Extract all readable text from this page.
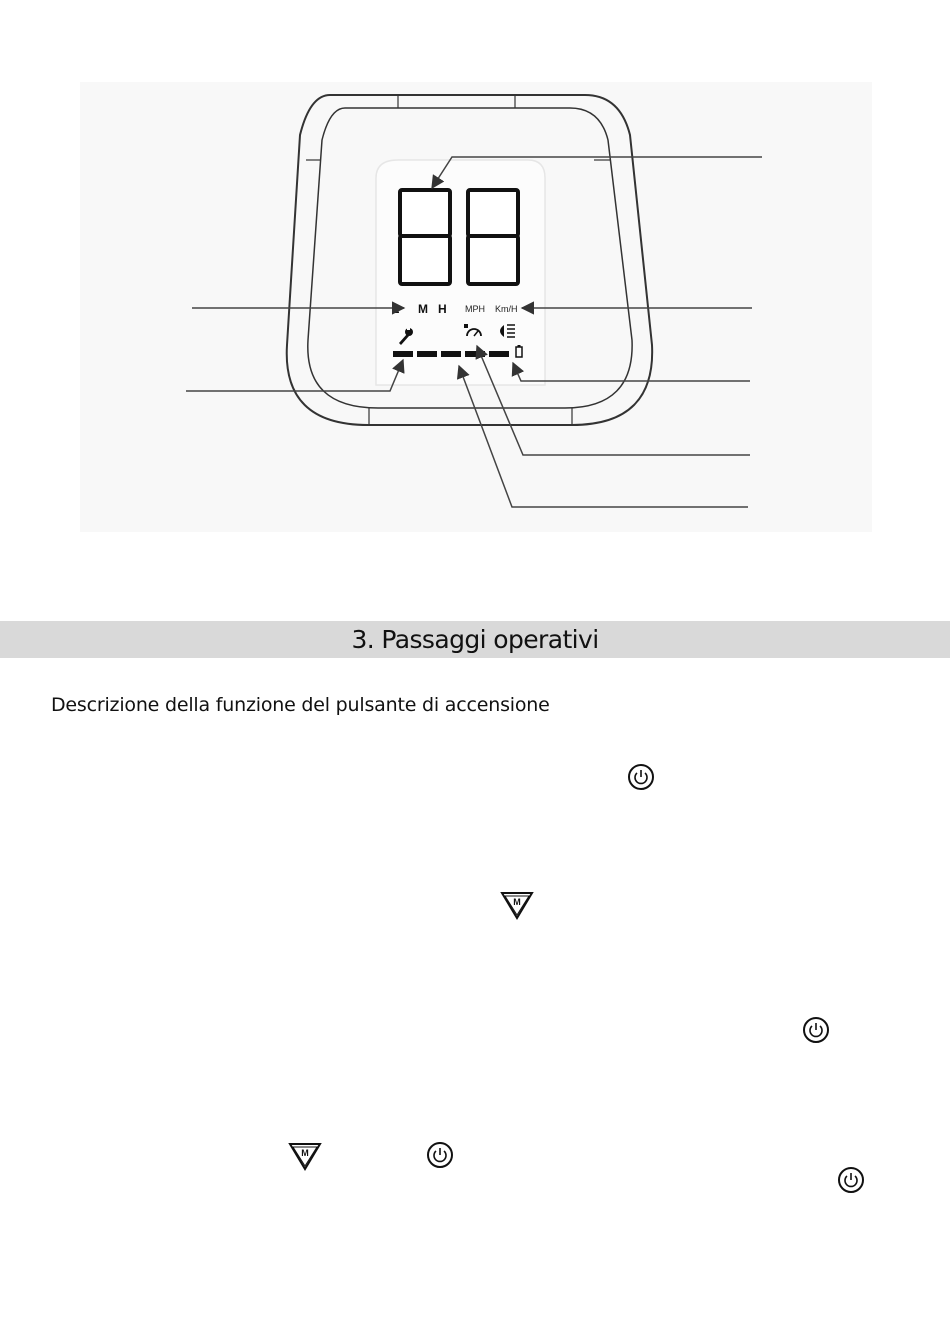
L M H MPH Km/H
3. Passaggi operativi
Descrizione della funzione del pulsante di accensione
M
M
